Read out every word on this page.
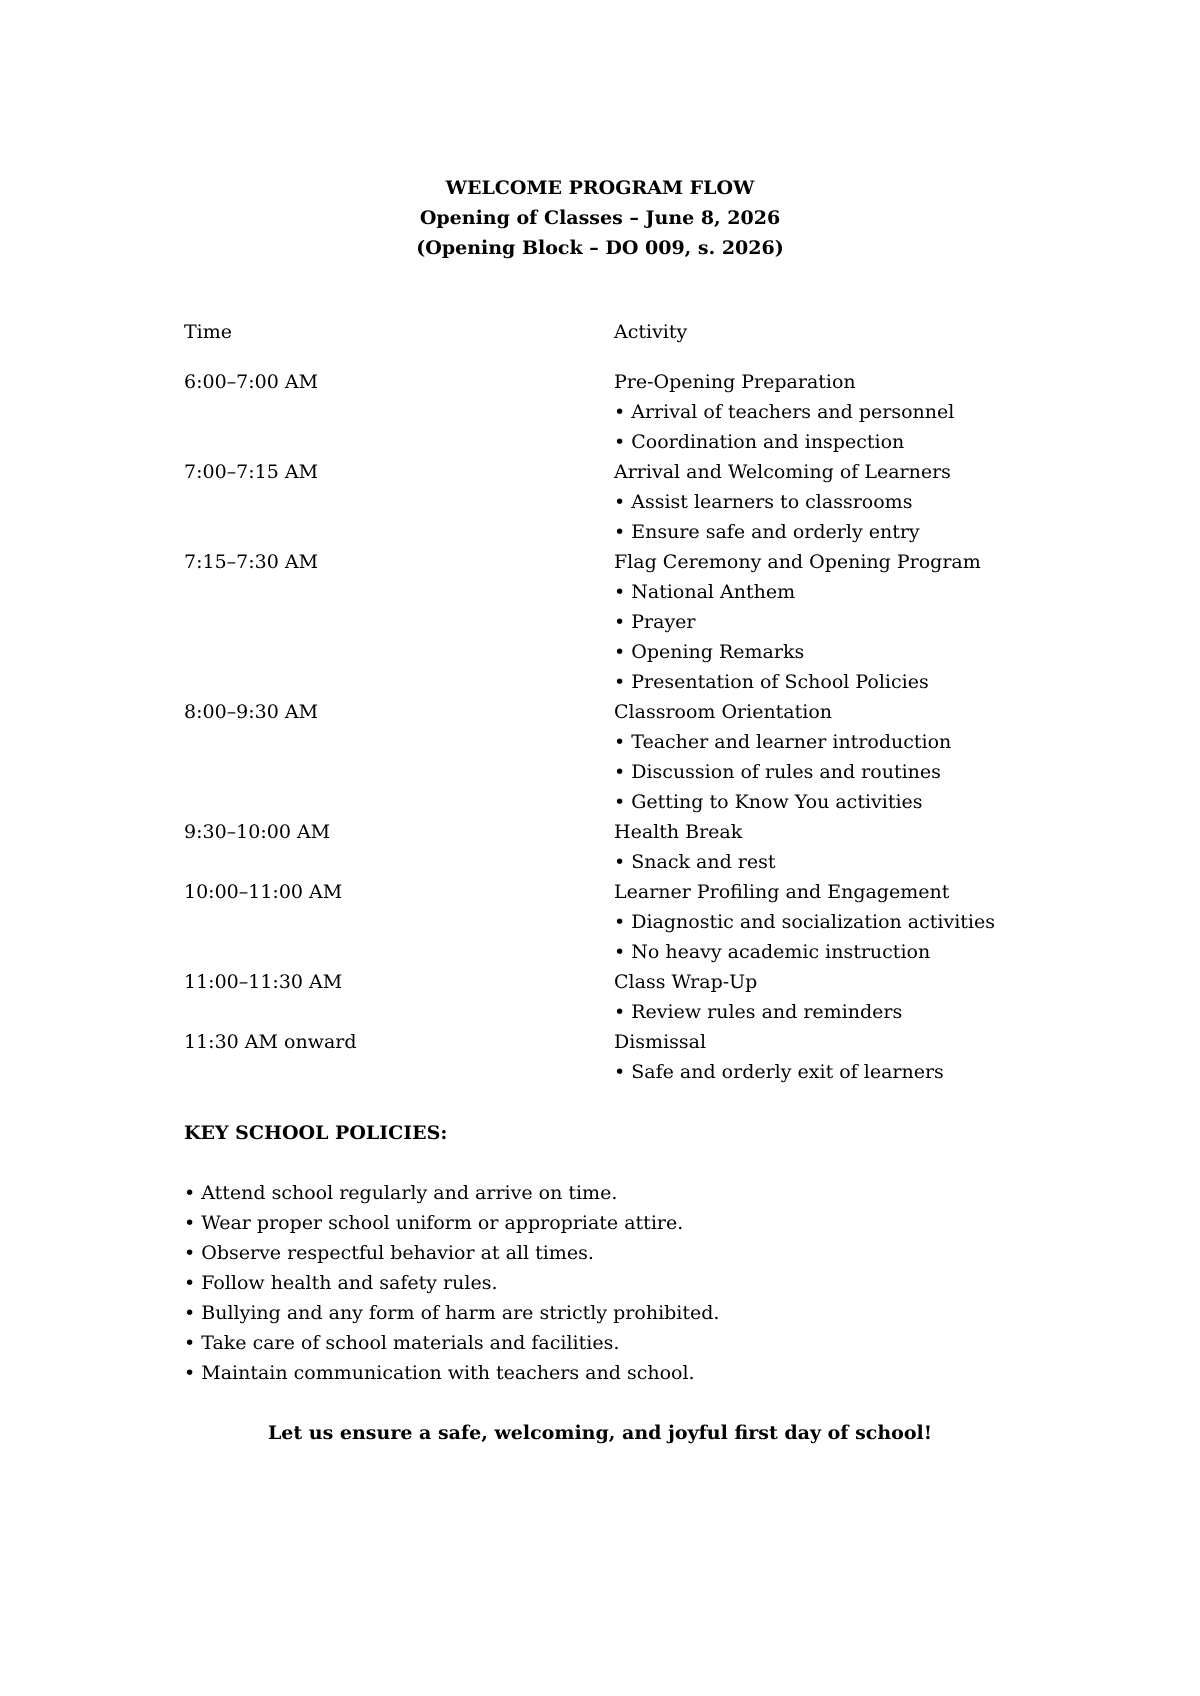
WELCOME PROGRAM FLOW
Opening of Classes – June 8, 2026
(Opening Block – DO 009, s. 2026)
Time	Activity
6:00–7:00 AM	Pre-Opening Preparation
• Arrival of teachers and personnel
• Coordination and inspection
7:00–7:15 AM	Arrival and Welcoming of Learners
• Assist learners to classrooms
• Ensure safe and orderly entry
7:15–7:30 AM	Flag Ceremony and Opening Program
• National Anthem
• Prayer
• Opening Remarks
• Presentation of School Policies
8:00–9:30 AM	Classroom Orientation
• Teacher and learner introduction
• Discussion of rules and routines
• Getting to Know You activities
9:30–10:00 AM	Health Break
• Snack and rest
10:00–11:00 AM	Learner Profiling and Engagement
• Diagnostic and socialization activities
• No heavy academic instruction
11:00–11:30 AM	Class Wrap-Up
• Review rules and reminders
11:30 AM onward	Dismissal
• Safe and orderly exit of learners
KEY SCHOOL POLICIES:
• Attend school regularly and arrive on time.
• Wear proper school uniform or appropriate attire.
• Observe respectful behavior at all times.
• Follow health and safety rules.
• Bullying and any form of harm are strictly prohibited.
• Take care of school materials and facilities.
• Maintain communication with teachers and school.
Let us ensure a safe, welcoming, and joyful first day of school!
